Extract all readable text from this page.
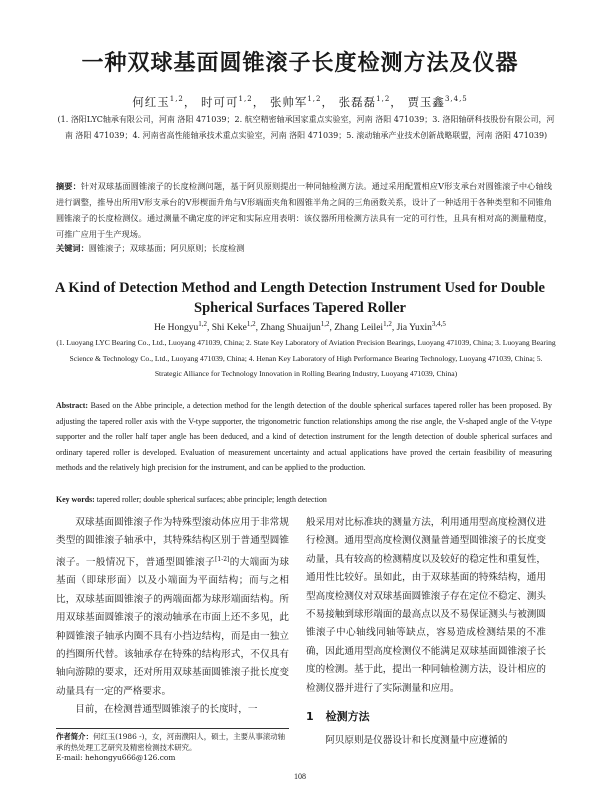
一种双球基面圆锥滚子长度检测方法及仪器
何红玉$^{1,2}$， 时可可$^{1,2}$， 张帅军$^{1,2}$， 张磊磊$^{1,2}$， 贾玉鑫$^{3,4,5}$
(1. 洛阳LYC轴承有限公司，河南 洛阳 471039；2. 航空精密轴承国家重点实验室，河南 洛阳 471039；3. 洛阳轴研科技股份有限公司，河南 洛阳 471039；4. 河南省高性能轴承技术重点实验室，河南 洛阳 471039；5. 滚动轴承产业技术创新战略联盟，河南 洛阳 471039)
摘要：针对双球基面圆锥滚子的长度检测问题，基于阿贝原则提出一种同轴检测方法。通过采用配置相应V形支承台对圆锥滚子中心轴线进行调整，推导出所用V形支承台的V形楔面升角与V形端面夹角和圆锥半角之间的三角函数关系，设计了一种适用于各种类型和不同锥角圆锥滚子的长度检测仪。通过测量不确定度的评定和实际应用表明：该仪器所用检测方法具有一定的可行性，且具有相对高的测量精度，可推广应用于生产现场。
关键词：圆锥滚子；双球基面；阿贝原则；长度检测
A Kind of Detection Method and Length Detection Instrument Used for Double Spherical Surfaces Tapered Roller
He Hongyu$^{1,2}$, Shi Keke$^{1,2}$, Zhang Shuaijun$^{1,2}$, Zhang Leilei$^{1,2}$, Jia Yuxin$^{3,4,5}$
(1. Luoyang LYC Bearing Co., Ltd., Luoyang 471039, China; 2. State Key Laboratory of Aviation Precision Bearings, Luoyang 471039, China; 3. Luoyang Bearing Science & Technology Co., Ltd., Luoyang 471039, China; 4. Henan Key Laboratory of High Performance Bearing Technology, Luoyang 471039, China; 5. Strategic Alliance for Technology Innovation in Rolling Bearing Industry, Luoyang 471039, China)
Abstract: Based on the Abbe principle, a detection method for the length detection of the double spherical surfaces tapered roller has been proposed. By adjusting the tapered roller axis with the V-type supporter, the trigonometric function relationships among the rise angle, the V-shaped angle of the V-type supporter and the roller half taper angle has been deduced, and a kind of detection instrument for the length detection of double spherical surfaces and ordinary tapered roller is developed. Evaluation of measurement uncertainty and actual applications have proved the certain feasibility of measuring methods and the relatively high precision for the instrument, and can be applied to the production.
Key words: tapered roller; double spherical surfaces; abbe principle; length detection

双球基面圆锥滚子作为特殊型滚动体应用于非常规类型的圆锥滚子轴承中，其特殊结构区别于普通型圆锥滚子。一般情况下，普通型圆锥滚子[1-2]的大端面为球基面（即球形面）以及小端面为平面结构；而与之相比，双球基面圆锥滚子的两端面都为球形端面结构。所用双球基面圆锥滚子的滚动轴承在市面上还不多见，此种圆锥滚子轴承内圈不具有小挡边结构，而是由一独立的挡圈所代替。该轴承存在特殊的结构形式，不仅具有轴向游隙的要求，还对所用双球基面圆锥滚子批长度变动量具有一定的严格要求。

目前，在检测普通型圆锥滚子的长度时，一

般采用对比标准块的测量方法，利用通用型高度检测仪进行检测。通用型高度检测仪测量普通型圆锥滚子的长度变动量，具有较高的检测精度以及较好的稳定性和重复性，通用性比较好。虽如此，由于双球基面的特殊结构，通用型高度检测仪对双球基面圆锥滚子存在定位不稳定、测头不易接触到球形端面的最高点以及不易保证测头与被测圆锥滚子中心轴线同轴等缺点，容易造成检测结果的不准确，因此通用型高度检测仪不能满足双球基面圆锥滚子长度的检测。基于此，提出一种同轴检测方法，设计相应的检测仪器并进行了实际测量和应用。

1 检测方法

阿贝原则是仪器设计和长度测量中应遵循的

作者简介：何红玉(1986 -)，女，河南濮阳人，硕士，主要从事滚动轴承的热处理工艺研究及精密检测技术研究。
E-mail: hehongyu666@126.com
108
